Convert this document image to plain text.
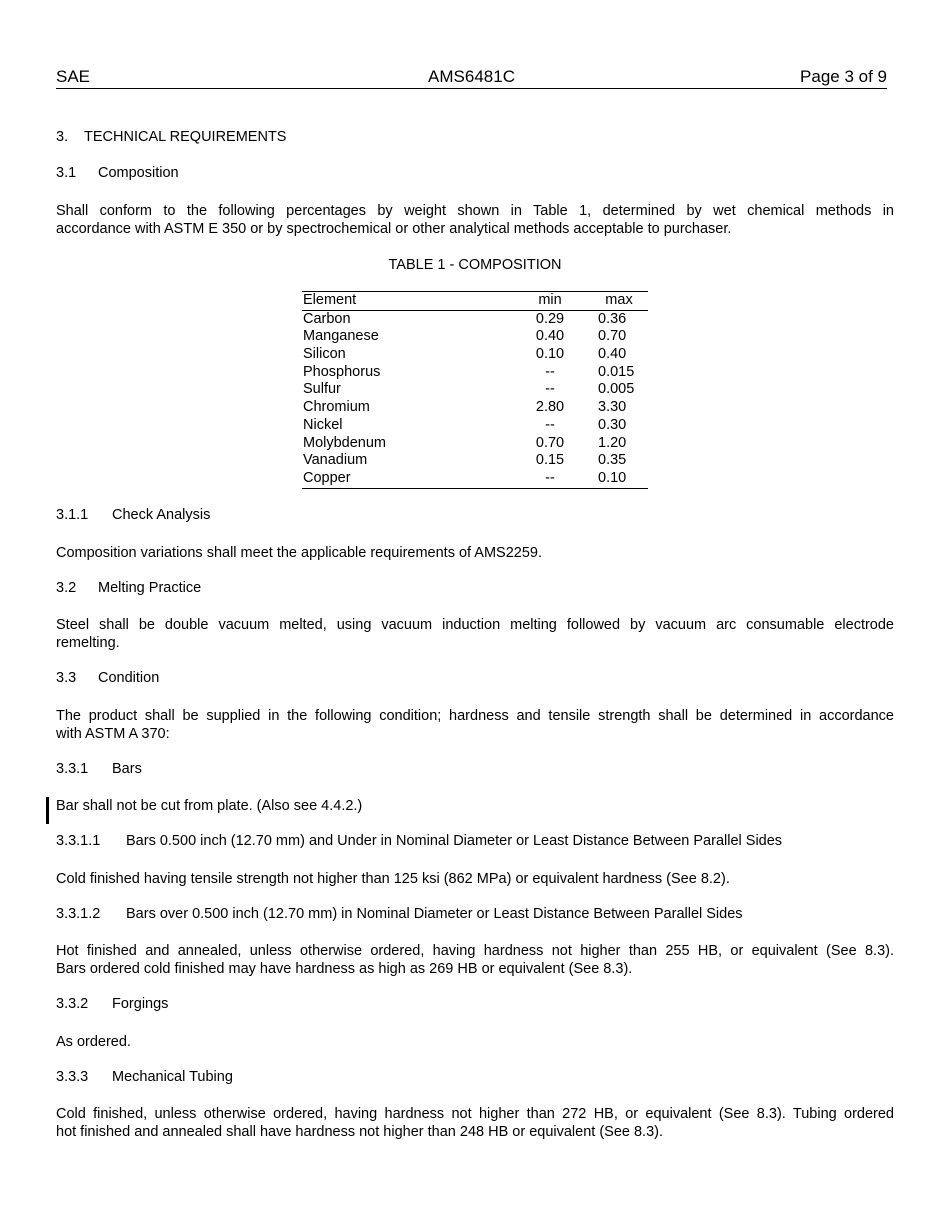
SAE	AMS6481C	Page 3 of 9
3. TECHNICAL REQUIREMENTS
3.1 Composition
Shall conform to the following percentages by weight shown in Table 1, determined by wet chemical methods in
accordance with ASTM E 350 or by spectrochemical or other analytical methods acceptable to purchaser.
TABLE 1 - COMPOSITION
Element	min	max
Carbon	0.29	0.36
Manganese	0.40	0.70
Silicon	0.10	0.40
Phosphorus	--	0.015
Sulfur	--	0.005
Chromium	2.80	3.30
Nickel	--	0.30
Molybdenum	0.70	1.20
Vanadium	0.15	0.35
Copper	--	0.10
3.1.1 Check Analysis
Composition variations shall meet the applicable requirements of AMS2259.
3.2 Melting Practice
Steel shall be double vacuum melted, using vacuum induction melting followed by vacuum arc consumable electrode
remelting.
3.3 Condition
The product shall be supplied in the following condition; hardness and tensile strength shall be determined in accordance
with ASTM A 370:
3.3.1 Bars
Bar shall not be cut from plate. (Also see 4.4.2.)
3.3.1.1 Bars 0.500 inch (12.70 mm) and Under in Nominal Diameter or Least Distance Between Parallel Sides
Cold finished having tensile strength not higher than 125 ksi (862 MPa) or equivalent hardness (See 8.2).
3.3.1.2 Bars over 0.500 inch (12.70 mm) in Nominal Diameter or Least Distance Between Parallel Sides
Hot finished and annealed, unless otherwise ordered, having hardness not higher than 255 HB, or equivalent (See 8.3).
Bars ordered cold finished may have hardness as high as 269 HB or equivalent (See 8.3).
3.3.2 Forgings
As ordered.
3.3.3 Mechanical Tubing
Cold finished, unless otherwise ordered, having hardness not higher than 272 HB, or equivalent (See 8.3). Tubing ordered
hot finished and annealed shall have hardness not higher than 248 HB or equivalent (See 8.3).
